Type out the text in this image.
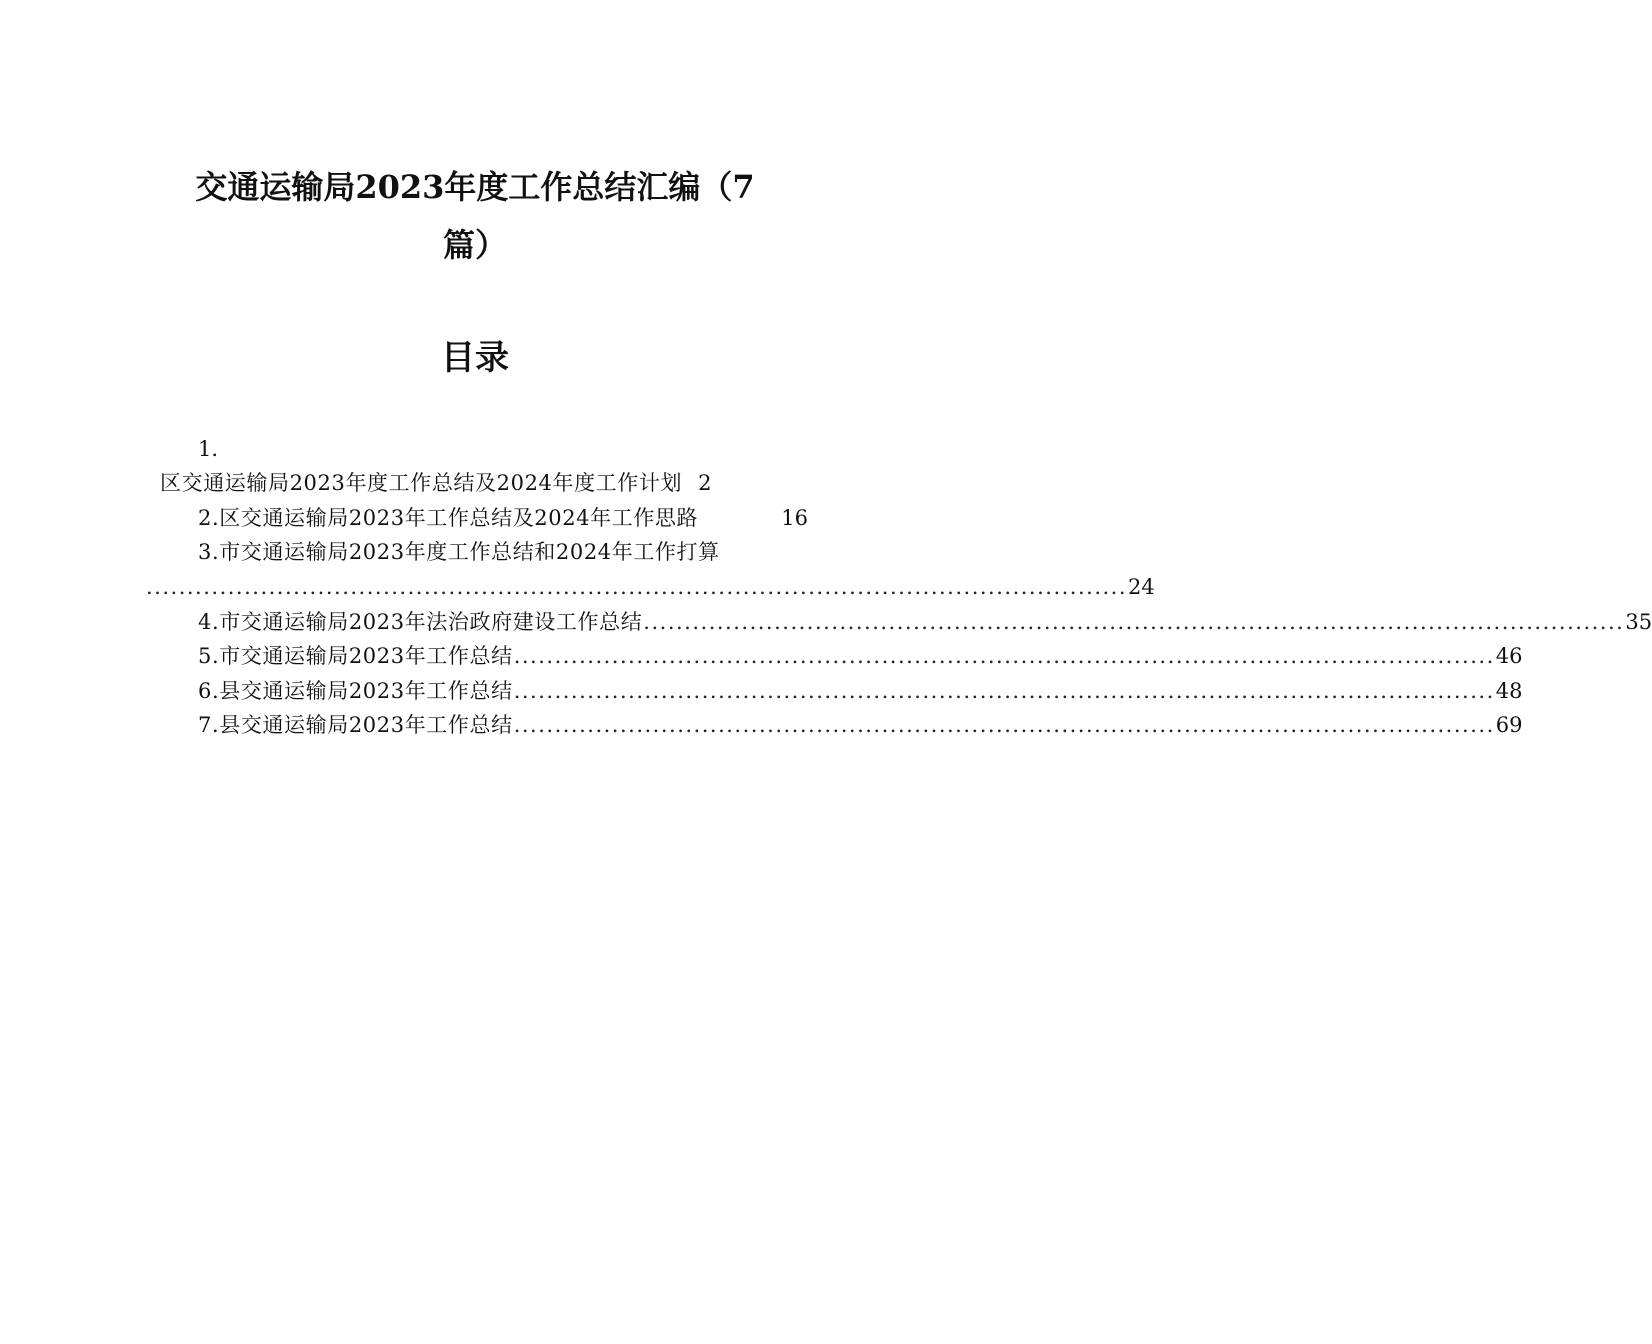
交通运输局2023年度工作总结汇编（7
篇）
目录
1.
区交通运输局2023年度工作总结及2024年度工作计划 2
2. 区交通运输局2023年工作总结及2024年工作思路	16
3. 市交通运输局2023年度工作总结和2024年工作打算
........................................................................................................................ 24
4. 市交通运输局2023年法治政府建设工作总结 ........................................................................................................................ 35
5. 市交通运输局2023年工作总结 ........................................................................................................................ 46
6. 县交通运输局2023年工作总结 ........................................................................................................................ 48
7. 县交通运输局2023年工作总结 ........................................................................................................................ 69
